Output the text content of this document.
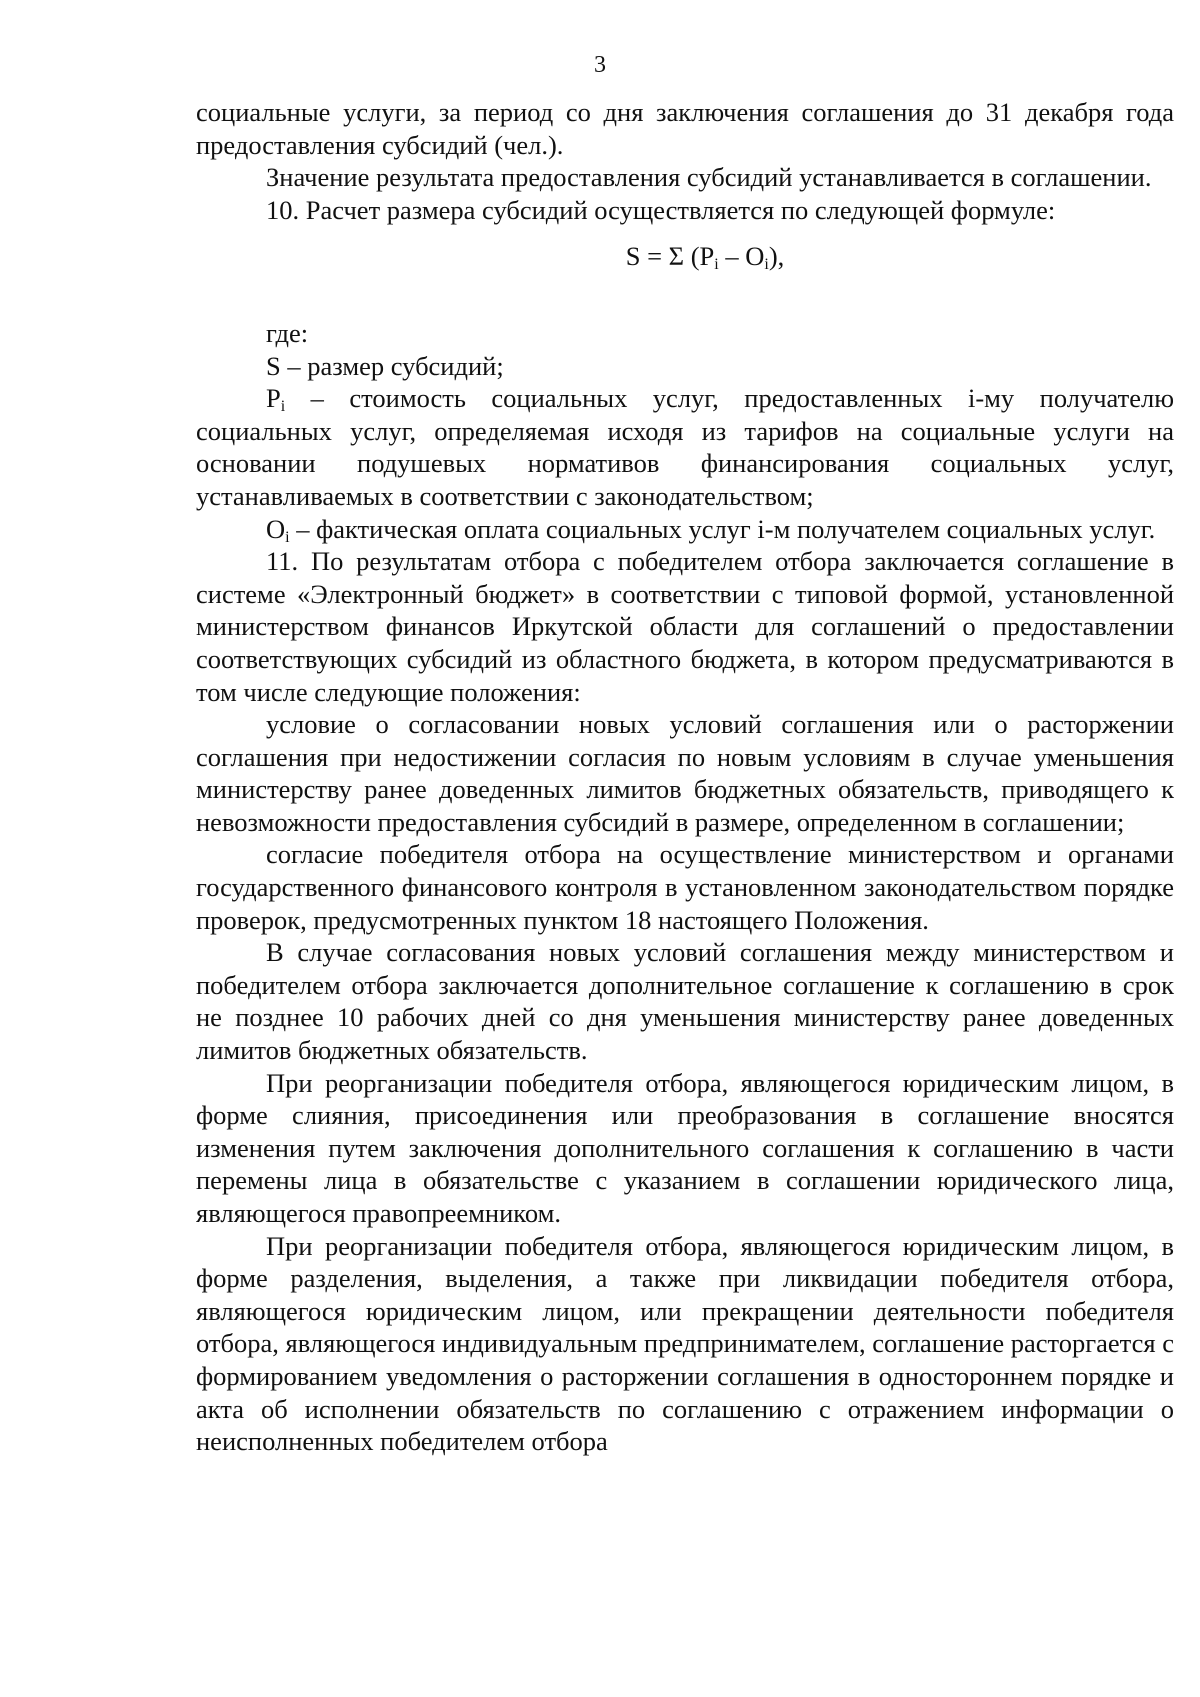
3

социальные услуги, за период со дня заключения соглашения до 31 декабря года предоставления субсидий (чел.).

Значение результата предоставления субсидий устанавливается в соглашении.

10. Расчет размера субсидий осуществляется по следующей формуле:

S = Σ $(P_i - O_i)$,

где:

S – размер субсидий;

$P_i$ – стоимость социальных услуг, предоставленных i-му получателю социальных услуг, определяемая исходя из тарифов на социальные услуги на основании подушевых нормативов финансирования социальных услуг, устанавливаемых в соответствии с законодательством;

$O_i$ – фактическая оплата социальных услуг i-м получателем социальных услуг.

11. По результатам отбора с победителем отбора заключается соглашение в системе «Электронный бюджет» в соответствии с типовой формой, установленной министерством финансов Иркутской области для соглашений о предоставлении соответствующих субсидий из областного бюджета, в котором предусматриваются в том числе следующие положения:

условие о согласовании новых условий соглашения или о расторжении соглашения при недостижении согласия по новым условиям в случае уменьшения министерству ранее доведенных лимитов бюджетных обязательств, приводящего к невозможности предоставления субсидий в размере, определенном в соглашении;

согласие победителя отбора на осуществление министерством и органами государственного финансового контроля в установленном законодательством порядке проверок, предусмотренных пунктом 18 настоящего Положения.

В случае согласования новых условий соглашения между министерством и победителем отбора заключается дополнительное соглашение к соглашению в срок не позднее 10 рабочих дней со дня уменьшения министерству ранее доведенных лимитов бюджетных обязательств.

При реорганизации победителя отбора, являющегося юридическим лицом, в форме слияния, присоединения или преобразования в соглашение вносятся изменения путем заключения дополнительного соглашения к соглашению в части перемены лица в обязательстве с указанием в соглашении юридического лица, являющегося правопреемником.

При реорганизации победителя отбора, являющегося юридическим лицом, в форме разделения, выделения, а также при ликвидации победителя отбора, являющегося юридическим лицом, или прекращении деятельности победителя отбора, являющегося индивидуальным предпринимателем, соглашение расторгается с формированием уведомления о расторжении соглашения в одностороннем порядке и акта об исполнении обязательств по соглашению с отражением информации о неисполненных победителем отбора
